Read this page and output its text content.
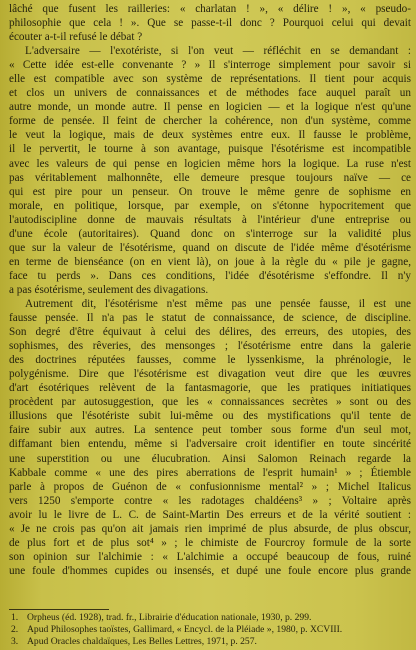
lâché que fusent les railleries: « charlatan ! », « délire ! », « pseudo-
philosophie que cela ! ». Que se passe-t-il donc ? Pourquoi celui qui devait
écouter a-t-il refusé le débat ?
L'adversaire — l'exotériste, si l'on veut — réfléchit en se demandant :
« Cette idée est-elle convenante ? » Il s'interroge simplement pour savoir si
elle est compatible avec son système de représentations. Il tient pour acquis
et clos un univers de connaissances et de méthodes face auquel paraît un
autre monde, un monde autre. Il pense en logicien — et la logique n'est qu'une
forme de pensée. Il feint de chercher la cohérence, non d'un système, comme
le veut la logique, mais de deux systèmes entre eux. Il fausse le problème,
il le pervertit, le tourne à son avantage, puisque l'ésotérisme est incompatible
avec les valeurs de qui pense en logicien même hors la logique. La ruse n'est
pas véritablement malhonnête, elle demeure presque toujours naïve — ce
qui est pire pour un penseur. On trouve le même genre de sophisme en
morale, en politique, lorsque, par exemple, on s'étonne hypocritement que
l'autodiscipline donne de mauvais résultats à l'intérieur d'une entreprise ou
d'une école (autoritaires). Quand donc on s'interroge sur la validité plus
que sur la valeur de l'ésotérisme, quand on discute de l'idée même d'ésotérisme
en terme de bienséance (on en vient là), on joue à la règle du « pile je gagne,
face tu perds ». Dans ces conditions, l'idée d'ésotérisme s'effondre. Il n'y
a pas ésotérisme, seulement des divagations.
Autrement dit, l'ésotérisme n'est même pas une pensée fausse, il est une
fausse pensée. Il n'a pas le statut de connaissance, de science, de discipline.
Son degré d'être équivaut à celui des délires, des erreurs, des utopies, des
sophismes, des rêveries, des mensonges ; l'ésotérisme entre dans la galerie
des doctrines réputées fausses, comme le lyssenkisme, la phrénologie, le
polygénisme. Dire que l'ésotérisme est divagation veut dire que les œuvres
d'art ésotériques relèvent de la fantasmagorie, que les pratiques initiatiques
procèdent par autosuggestion, que les « connaissances secrètes » sont ou des
illusions que l'ésotériste subit lui-même ou des mystifications qu'il tente de
faire subir aux autres. La sentence peut tomber sous forme d'un seul mot,
diffamant bien entendu, même si l'adversaire croit identifier en toute sincérité
une superstition ou une élucubration. Ainsi Salomon Reinach regarde la
Kabbale comme « une des pires aberrations de l'esprit humain¹ » ; Étiemble
parle à propos de Guénon de « confusionnisme mental² » ; Michel Italicus
vers 1250 s'emporte contre « les radotages chaldéens³ » ; Voltaire après
avoir lu le livre de L. C. de Saint-Martin Des erreurs et de la vérité soutient :
« Je ne crois pas qu'on ait jamais rien imprimé de plus absurde, de plus obscur,
de plus fort et de plus sot⁴ » ; le chimiste de Fourcroy formule de la sorte
son opinion sur l'alchimie : « L'alchimie a occupé beaucoup de fous, ruiné
une foule d'hommes cupides ou insensés, et dupé une foule encore plus grande
1. Orpheus (éd. 1928), trad. fr., Librairie d'éducation nationale, 1930, p. 299.
2. Apud Philosophes taoïstes, Gallimard, « Encycl. de la Pléiade », 1980, p. XCVIII.
3. Apud Oracles chaldaïques, Les Belles Lettres, 1971, p. 257.
